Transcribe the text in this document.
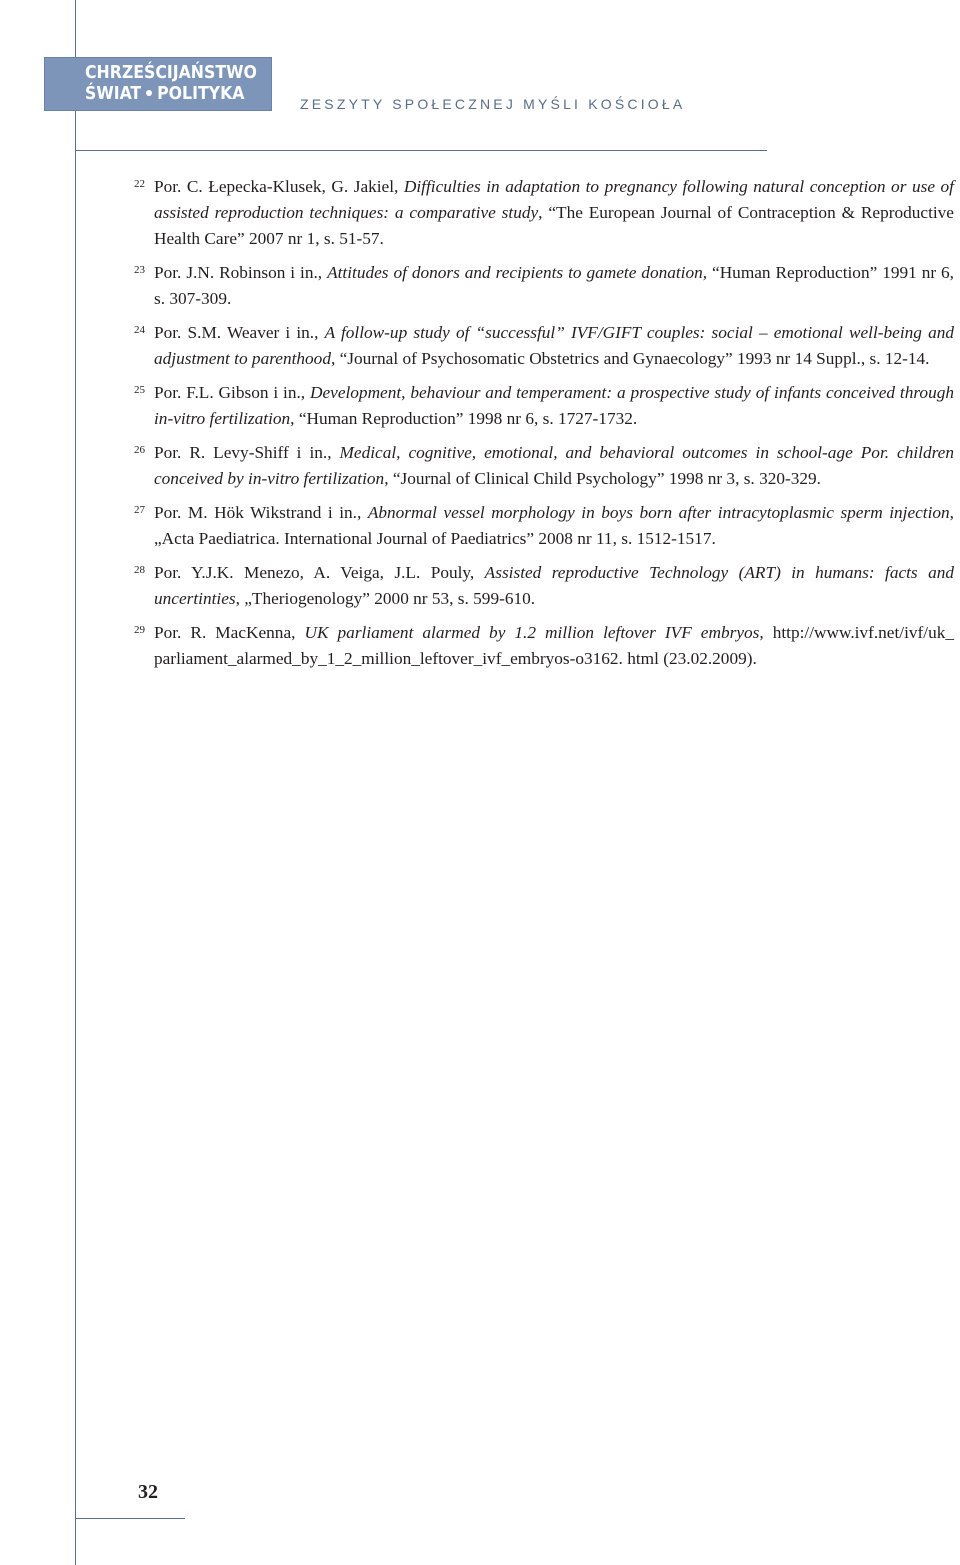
CHRZEŚCIJAŃSTWO
ŚWIAT POLITYKA	ZESZYTY SPOŁECZNEJ MYŚLI KOŚCIOŁA
22 Por. C. Łepecka-Klusek, G. Jakiel, Difficulties in adaptation to pregnancy following natural conception or use of assisted reproduction techniques: a comparative study, “The European Journal of Contraception & Reproductive Health Care” 2007 nr 1, s. 51-57.
23 Por. J.N. Robinson i in., Attitudes of donors and recipients to gamete donation, “Human Reproduction” 1991 nr 6, s. 307-309.
24 Por. S.M. Weaver i in., A follow-up study of “successful” IVF/GIFT couples: social – emotional well-being and adjustment to parenthood, “Journal of Psychosomatic Obstetrics and Gynaecology” 1993 nr 14 Suppl., s. 12-14.
25 Por. F.L. Gibson i in., Development, behaviour and temperament: a prospective study of infants conceived through in-vitro fertilization, “Human Reproduction” 1998 nr 6, s. 1727-1732.
26 Por. R. Levy-Shiff i in., Medical, cognitive, emotional, and behavioral outcomes in school-age Por. children conceived by in-vitro fertilization, “Journal of Clinical Child Psychology” 1998 nr 3, s. 320-329.
27 Por. M. Hök Wikstrand i in., Abnormal vessel morphology in boys born after intracytoplasmic sperm injection, „Acta Paediatrica. International Journal of Paediatrics” 2008 nr 11, s. 1512-1517.
28 Por. Y.J.K. Menezo, A. Veiga, J.L. Pouly, Assisted reproductive Technology (ART) in humans: facts and uncertinties, „Theriogenology” 2000 nr 53, s. 599-610.
29 Por. R. MacKenna, UK parliament alarmed by 1.2 million leftover IVF embryos, http://www.ivf.net/ivf/uk_ parliament_alarmed_by_1_2_million_leftover_ivf_embryos-o3162. html (23.02.2009).
32
